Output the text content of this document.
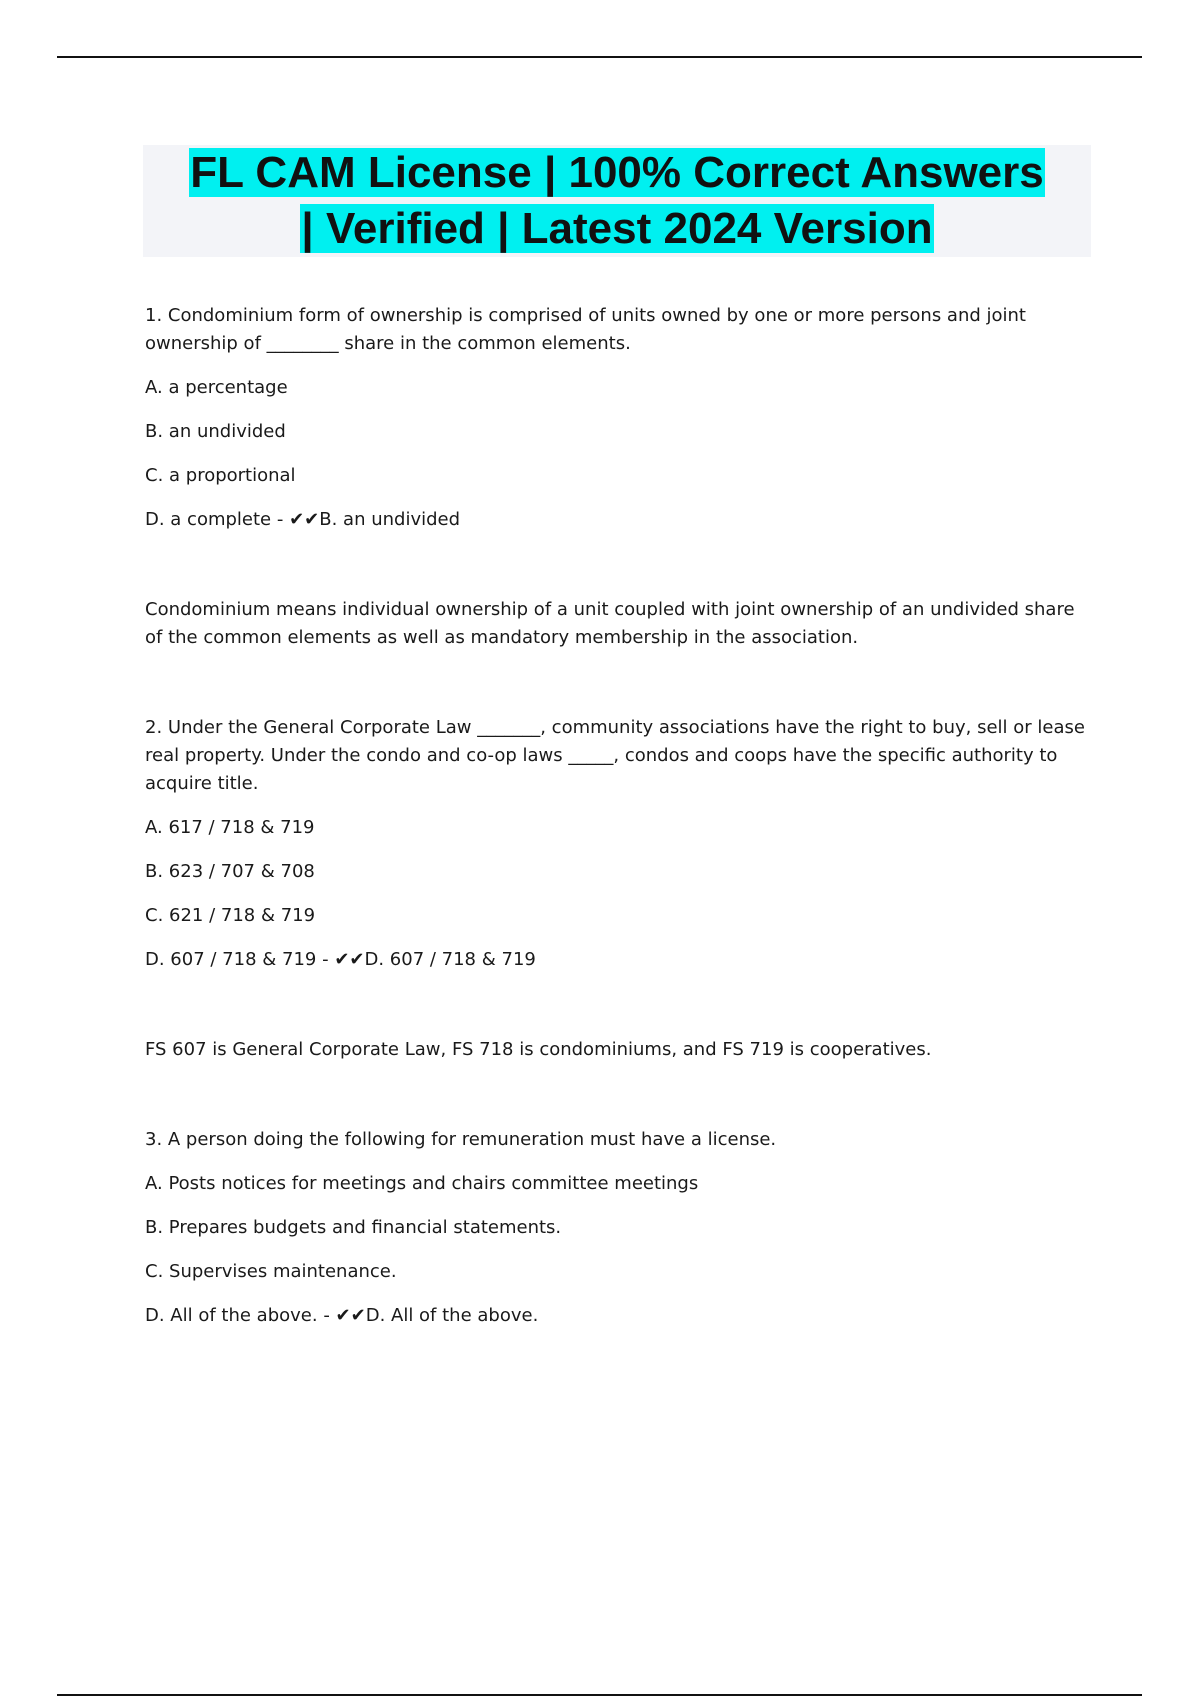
FL CAM License | 100% Correct Answers
| Verified | Latest 2024 Version

1. Condominium form of ownership is comprised of units owned by one or more persons and joint ownership of ________ share in the common elements.

A. a percentage

B. an undivided

C. a proportional

D. a complete - ✔✔B. an undivided

Condominium means individual ownership of a unit coupled with joint ownership of an undivided share of the common elements as well as mandatory membership in the association.

2. Under the General Corporate Law _______, community associations have the right to buy, sell or lease real property. Under the condo and co-op laws _____, condos and coops have the specific authority to acquire title.

A. 617 / 718 & 719

B. 623 / 707 & 708

C. 621 / 718 & 719

D. 607 / 718 & 719 - ✔✔D. 607 / 718 & 719

FS 607 is General Corporate Law, FS 718 is condominiums, and FS 719 is cooperatives.

3. A person doing the following for remuneration must have a license.

A. Posts notices for meetings and chairs committee meetings

B. Prepares budgets and financial statements.

C. Supervises maintenance.

D. All of the above. - ✔✔D. All of the above.
